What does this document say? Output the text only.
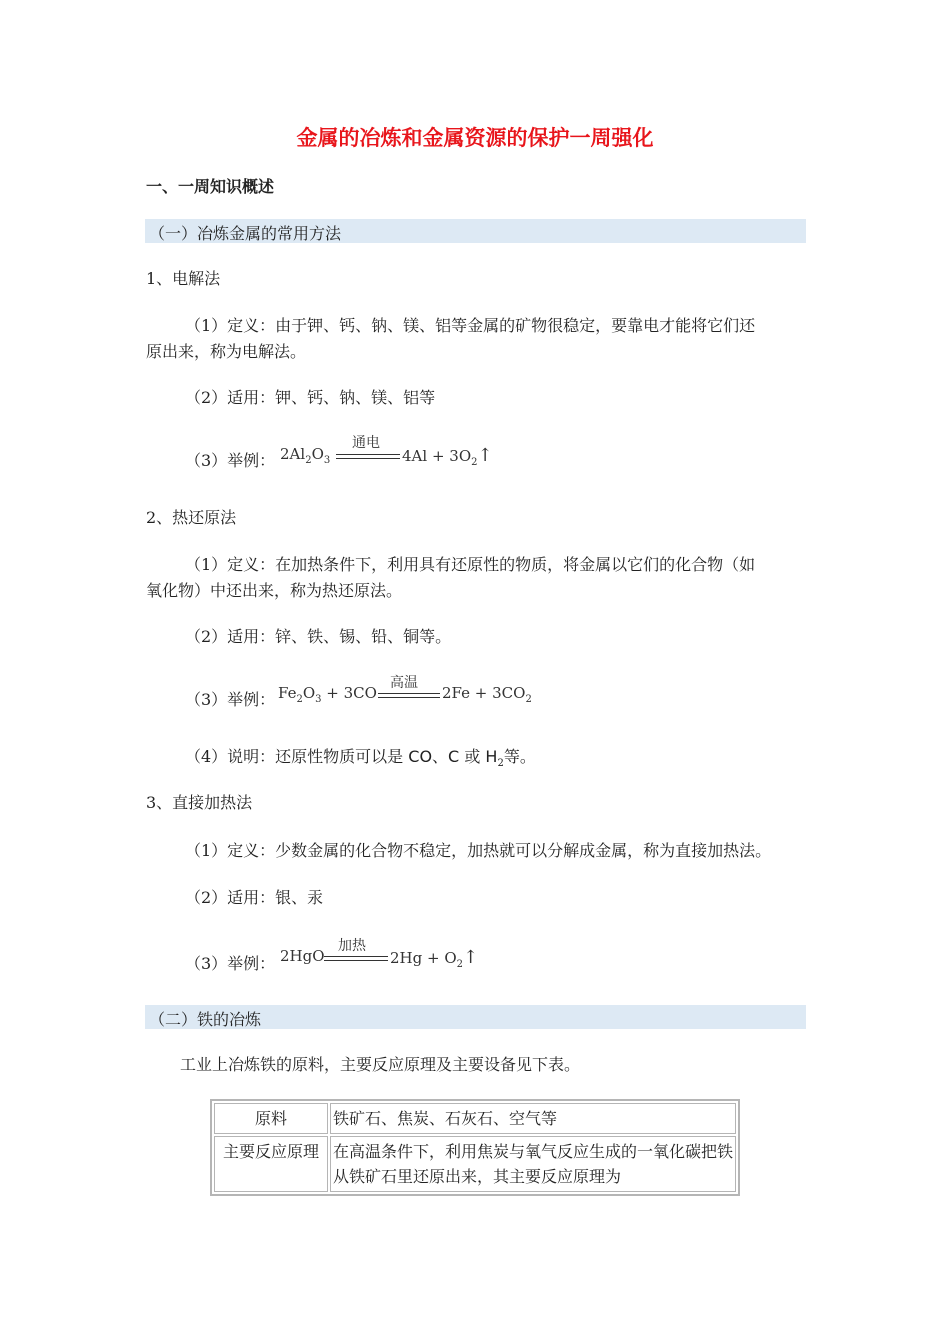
金属的冶炼和金属资源的保护一周强化
一、一周知识概述
（一）冶炼金属的常用方法
1、电解法
（1）定义：由于钾、钙、钠、镁、铝等金属的矿物很稳定，要靠电才能将它们还
原出来，称为电解法。
（2）适用：钾、钙、钠、镁、铝等
（3）举例： $2Al_2O_3$
通电
$4Al + 3O_2↑$
2、热还原法
（1）定义：在加热条件下，利用具有还原性的物质，将金属以它们的化合物（如
氧化物）中还出来，称为热还原法。
（2）适用：锌、铁、锡、铅、铜等。
（3）举例： $Fe_2O_3 + 3CO$
高温
$2Fe + 3CO_2$
（4）说明：还原性物质可以是 CO、C 或 $H_2$等。
3、直接加热法
（1）定义：少数金属的化合物不稳定，加热就可以分解成金属，称为直接加热法。
（2）适用：银、汞
（3）举例： 2HgO
加热
$2Hg + O_2↑$
（二）铁的冶炼
工业上冶炼铁的原料，主要反应原理及主要设备见下表。
原料	铁矿石、焦炭、石灰石、空气等
主要反应原理	在高温条件下，利用焦炭与氧气反应生成的一氧化碳把铁从铁矿石里还原出来，其主要反应原理为
